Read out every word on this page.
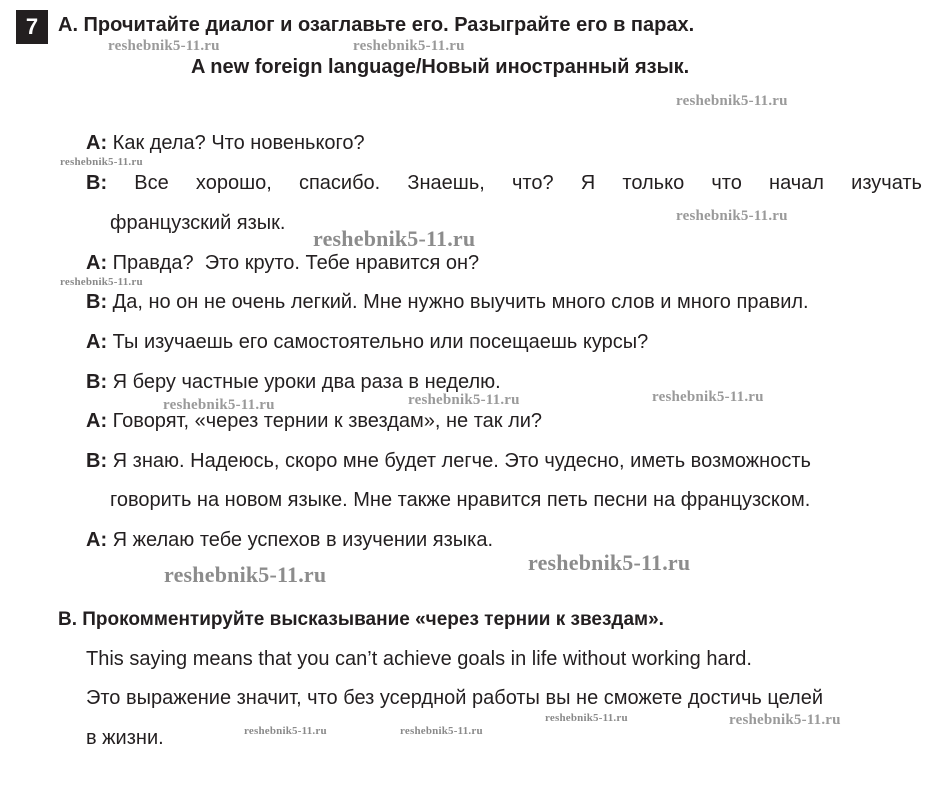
7 A. Прочитайте диалог и озаглавьте его. Разыграйте его в парах.
A new foreign language/Новый иностранный язык.
A: Как дела? Что новенького?
B: Все хорошо, спасибо. Знаешь, что? Я только что начал изучать
французский язык.
A: Правда?  Это круто. Тебе нравится он?
B: Да, но он не очень легкий. Мне нужно выучить много слов и много правил.
A: Ты изучаешь его самостоятельно или посещаешь курсы?
B: Я беру частные уроки два раза в неделю.
A: Говорят, «через тернии к звездам», не так ли?
B: Я знаю. Надеюсь, скоро мне будет легче. Это чудесно, иметь возможность
говорить на новом языке. Мне также нравится петь песни на французском.
A: Я желаю тебе успехов в изучении языка.
B. Прокомментируйте высказывание «через тернии к звездам».
This saying means that you can’t achieve goals in life without working hard.
Это выражение значит, что без усердной работы вы не сможете достичь целей
в жизни.
reshebnik5-11.ru	reshebnik5-11.ru
reshebnik5-11.ru
reshebnik5-11.ru
reshebnik5-11.ru
reshebnik5-11.ru
reshebnik5-11.ru
reshebnik5-11.ru	reshebnik5-11.ru	reshebnik5-11.ru
reshebnik5-11.ru	reshebnik5-11.ru
reshebnik5-11.ru	reshebnik5-11.ru
reshebnik5-11.ru	reshebnik5-11.ru
